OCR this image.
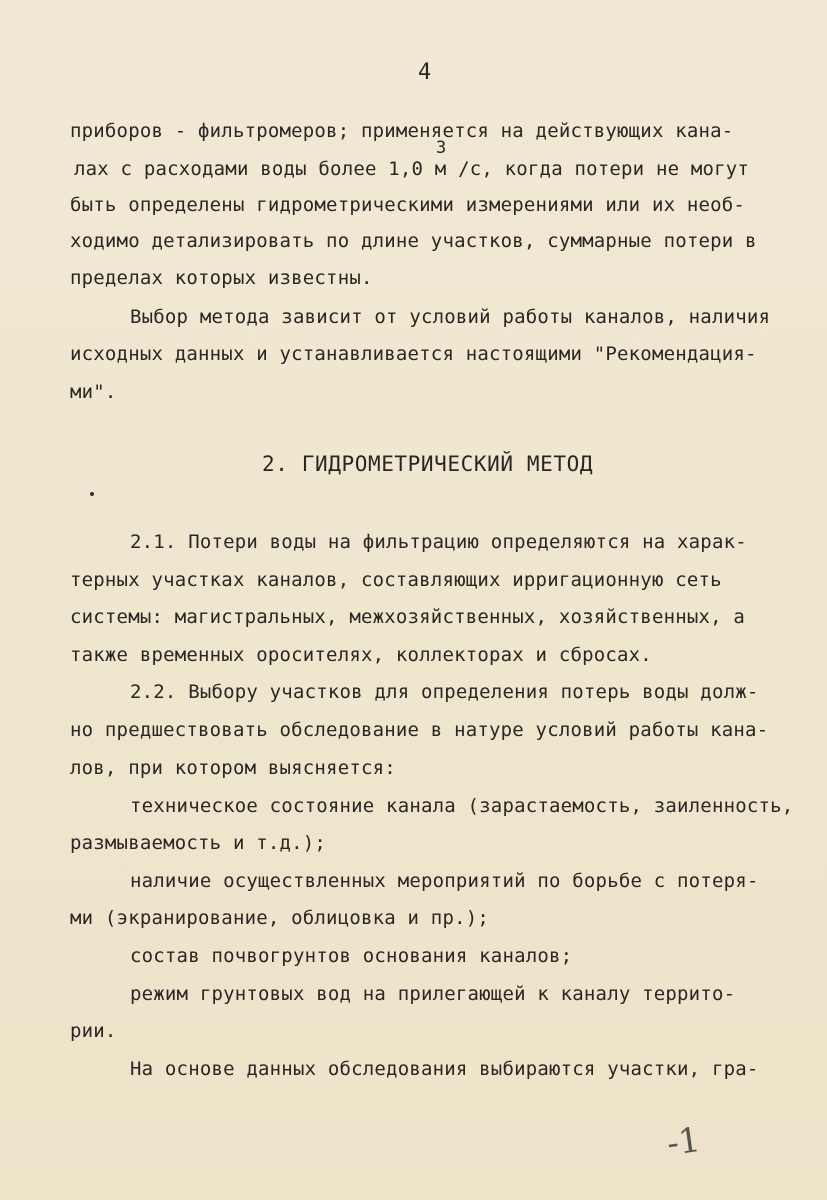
4
приборов - фильтромеров; применяется на действующих кана-
лах с расходами воды более 1,0 м /с, когда потери не могут
3
быть определены гидрометрическими измерениями или их необ-
ходимо детализировать по длине участков, суммарные потери в
пределах которых известны.
Выбор метода зависит от условий работы каналов, наличия
исходных данных и устанавливается настоящими "Рекомендация-
ми".
2. ГИДРОМЕТРИЧЕСКИЙ МЕТОД
2.1. Потери воды на фильтрацию определяются на харак-
терных участках каналов, составляющих ирригационную сеть
системы: магистральных, межхозяйственных, хозяйственных, а
также временных оросителях, коллекторах и сбросах.
2.2. Выбору участков для определения потерь воды долж-
но предшествовать обследование в натуре условий работы кана-
лов, при котором выясняется:
техническое состояние канала (зарастаемость, заиленность,
размываемость и т.д.);
наличие осуществленных мероприятий по борьбе с потеря-
ми (экранирование, облицовка и пр.);
состав почвогрунтов основания каналов;
режим грунтовых вод на прилегающей к каналу террито-
рии.
На основе данных обследования выбираются участки, гра-
-1
